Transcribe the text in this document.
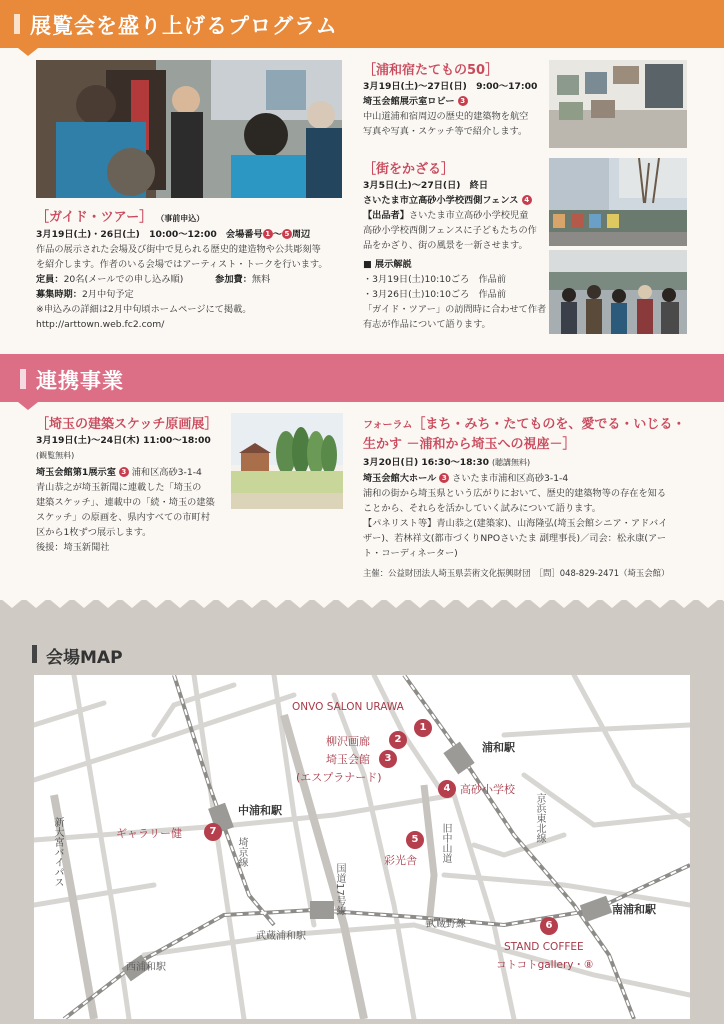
展覧会を盛り上げるプログラム
［ガイド・ツアー］ （事前申込）
3月19日(土)・26日(土)　10:00～12:00　会場番号 1 ～ 5 周辺
作品の展示された会場及び街中で見られる歴史的建造物や公共彫刻等
を紹介します。作者のいる会場ではアーティスト・トークを行います。
定員：20名(メールでの申し込み順)	参加費：無料
募集時期：2月中旬予定
※申込みの詳細は2月中旬頃ホームページにて掲載。
http://arttown.web.fc2.com/
［浦和宿たてもの50］
3月19日(土)～27日(日)　9:00～17:00
埼玉会館展示室ロビー 3
中山道浦和宿周辺の歴史的建築物を航空
写真や写真・スケッチ等で紹介します。
［街をかざる］
3月5日(土)～27日(日)　終日
さいたま市立高砂小学校西側フェンス 4
【出品者】さいたま市立高砂小学校児童
高砂小学校西側フェンスに子どもたちの作
品をかざり、街の風景を一新させます。
■ 展示解説
・3月19日(土)10:10ごろ　作品前
・3月26日(土)10:10ごろ　作品前
「ガイド・ツアー」の訪問時に合わせて作者
有志が作品について語ります。
連携事業
［埼玉の建築スケッチ原画展］
3月19日(土)～24日(木) 11:00～18:00
(観覧無料)
埼玉会館第1展示室 3 浦和区高砂3-1-4
青山恭之が埼玉新聞に連載した「埼玉の
建築スケッチ」、連載中の「続・埼玉の建築
スケッチ」の原画を、県内すべての市町村
区から1枚ずつ展示します。
後援：埼玉新聞社
フォーラム［まち・みち・たてものを、愛でる・いじる・
生かす －浦和から埼玉への視座－］
3月20日(日) 16:30～18:30 (聴講無料)
埼玉会館大ホール 3 さいたま市浦和区高砂3-1-4
浦和の街から埼玉県という広がりにおいて、歴史的建築物等の存在を知る
ことから、それらを活かしていく試みについて語ります。
【パネリスト等】青山恭之(建築家)、山海隆弘(埼玉会館シニア・アドバイ
ザー)、若林祥文(都市づくりNPOさいたま 副理事長)／司会：松永康(アー
ト・コーディネーター)
主催：公益財団法人埼玉県芸術文化振興財団　 ［問］048-829-2471（埼玉会館）
会場MAP
ONVO SALON URAWA
1
柳沢画廊	2
埼玉会館	3
(エスプラナード)
浦和駅
4 高砂小学校
中浦和駅
7
ギャラリー健	5
彩光舎 旧中山道
国道17号線
新大宮バイパス	埼京線
京浜東北線
南浦和駅
6
武蔵野線
武蔵浦和駅
STAND COFFEE
コトコトgallery・⑧
西浦和駅
